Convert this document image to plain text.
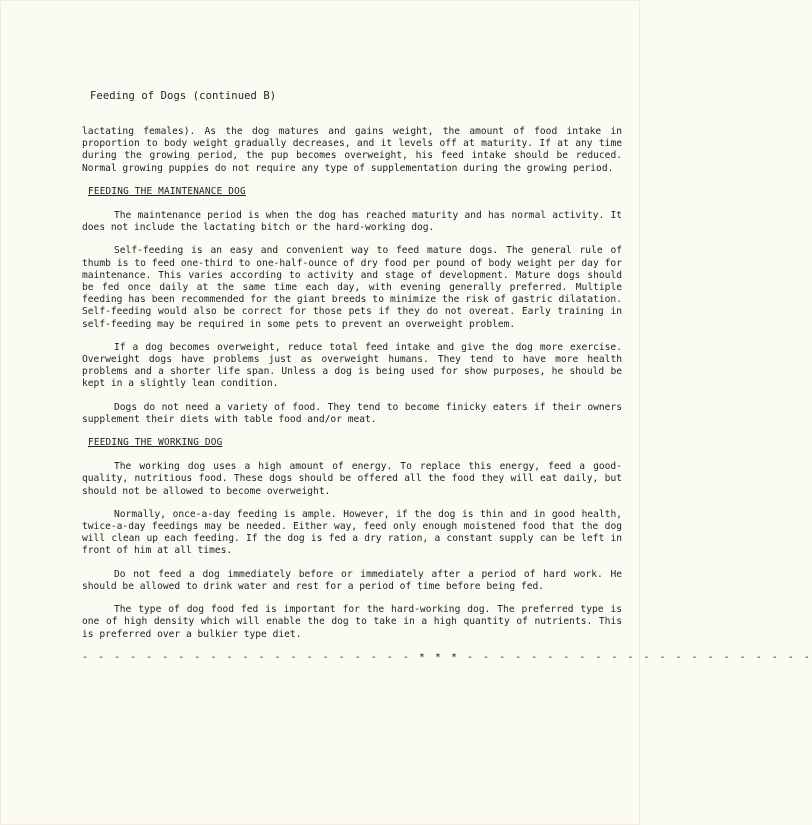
Feeding of Dogs (continued B)

lactating females). As the dog matures and gains weight, the amount of food intake in proportion to body weight gradually decreases, and it levels off at maturity. If at any time during the growing period, the pup becomes overweight, his feed intake should be reduced. Normal growing puppies do not require any type of supplementation during the growing period.

FEEDING THE MAINTENANCE DOG

The maintenance period is when the dog has reached maturity and has normal activity. It does not include the lactating bitch or the hard-working dog.

Self-feeding is an easy and convenient way to feed mature dogs. The general rule of thumb is to feed one-third to one-half-ounce of dry food per pound of body weight per day for maintenance. This varies according to activity and stage of development. Mature dogs should be fed once daily at the same time each day, with evening generally preferred. Multiple feeding has been recommended for the giant breeds to minimize the risk of gastric dilatation. Self-feeding would also be correct for those pets if they do not overeat. Early training in self-feeding may be required in some pets to prevent an overweight problem.

If a dog becomes overweight, reduce total feed intake and give the dog more exercise. Overweight dogs have problems just as overweight humans. They tend to have more health problems and a shorter life span. Unless a dog is being used for show purposes, he should be kept in a slightly lean condition.

Dogs do not need a variety of food. They tend to become finicky eaters if their owners supplement their diets with table food and/or meat.

FEEDING THE WORKING DOG

The working dog uses a high amount of energy. To replace this energy, feed a good-quality, nutritious food. These dogs should be offered all the food they will eat daily, but should not be allowed to become overweight.

Normally, once-a-day feeding is ample. However, if the dog is thin and in good health, twice-a-day feedings may be needed. Either way, feed only enough moistened food that the dog will clean up each feeding. If the dog is fed a dry ration, a constant supply can be left in front of him at all times.

Do not feed a dog immediately before or immediately after a period of hard work. He should be allowed to drink water and rest for a period of time before being fed.

The type of dog food fed is important for the hard-working dog. The preferred type is one of high density which will enable the dog to take in a high quantity of nutrients. This is preferred over a bulkier type diet.

- - - - - - - - - - - - - - - - - - - - - * * * - - - - - - - - - - - - - - - - - - - - - -
